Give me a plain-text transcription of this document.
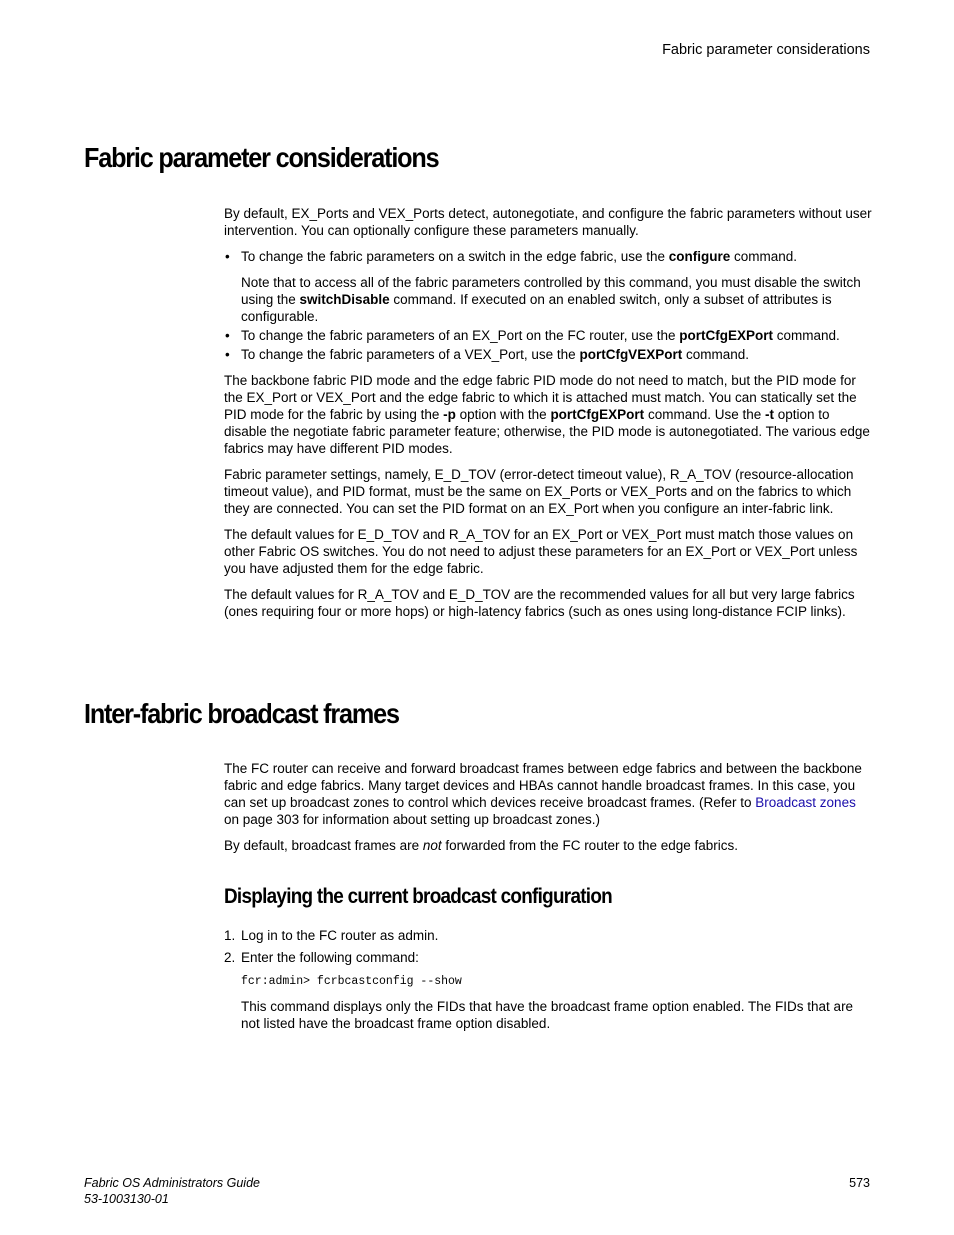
Fabric parameter considerations
Fabric parameter considerations

By default, EX_Ports and VEX_Ports detect, autonegotiate, and configure the fabric parameters without user intervention. You can optionally configure these parameters manually.

• To change the fabric parameters on a switch in the edge fabric, use the configure command.
Note that to access all of the fabric parameters controlled by this command, you must disable the switch using the switchDisable command. If executed on an enabled switch, only a subset of attributes is configurable.
• To change the fabric parameters of an EX_Port on the FC router, use the portCfgEXPort command.
• To change the fabric parameters of a VEX_Port, use the portCfgVEXPort command.

The backbone fabric PID mode and the edge fabric PID mode do not need to match, but the PID mode for the EX_Port or VEX_Port and the edge fabric to which it is attached must match. You can statically set the PID mode for the fabric by using the -p option with the portCfgEXPort command. Use the -t option to disable the negotiate fabric parameter feature; otherwise, the PID mode is autonegotiated. The various edge fabrics may have different PID modes.

Fabric parameter settings, namely, E_D_TOV (error-detect timeout value), R_A_TOV (resource-allocation timeout value), and PID format, must be the same on EX_Ports or VEX_Ports and on the fabrics to which they are connected. You can set the PID format on an EX_Port when you configure an inter-fabric link.

The default values for E_D_TOV and R_A_TOV for an EX_Port or VEX_Port must match those values on other Fabric OS switches. You do not need to adjust these parameters for an EX_Port or VEX_Port unless you have adjusted them for the edge fabric.

The default values for R_A_TOV and E_D_TOV are the recommended values for all but very large fabrics (ones requiring four or more hops) or high-latency fabrics (such as ones using long-distance FCIP links).

Inter-fabric broadcast frames

The FC router can receive and forward broadcast frames between edge fabrics and between the backbone fabric and edge fabrics. Many target devices and HBAs cannot handle broadcast frames. In this case, you can set up broadcast zones to control which devices receive broadcast frames. (Refer to Broadcast zones on page 303 for information about setting up broadcast zones.)

By default, broadcast frames are not forwarded from the FC router to the edge fabrics.

Displaying the current broadcast configuration
1. Log in to the FC router as admin.
2. Enter the following command:
fcr:admin> fcrbcastconfig --show
This command displays only the FIDs that have the broadcast frame option enabled. The FIDs that are not listed have the broadcast frame option disabled.
Fabric OS Administrators Guide
53-1003130-01
573
